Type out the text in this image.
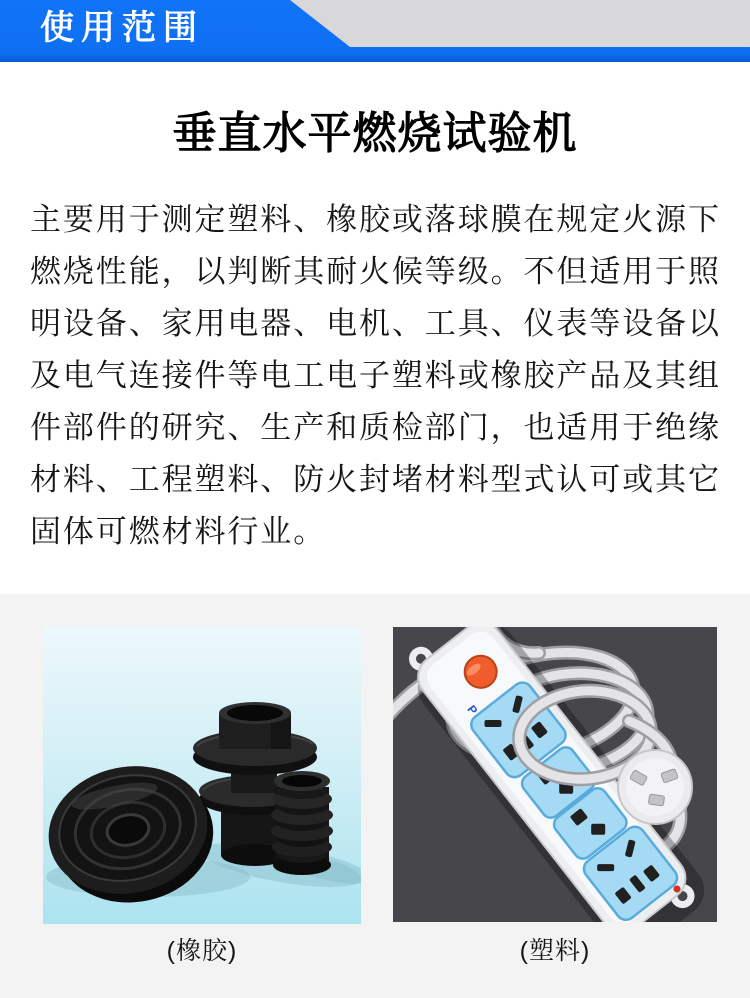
使用范围
垂直水平燃烧试验机
主要用于测定塑料、橡胶或落球膜在规定火源下
燃烧性能，以判断其耐火候等级。不但适用于照
明设备、家用电器、电机、工具、仪表等设备以
及电气连接件等电工电子塑料或橡胶产品及其组
件部件的研究、生产和质检部门，也适用于绝缘
材料、工程塑料、防火封堵材料型式认可或其它
固体可燃材料行业。
(橡胶)	(塑料)
